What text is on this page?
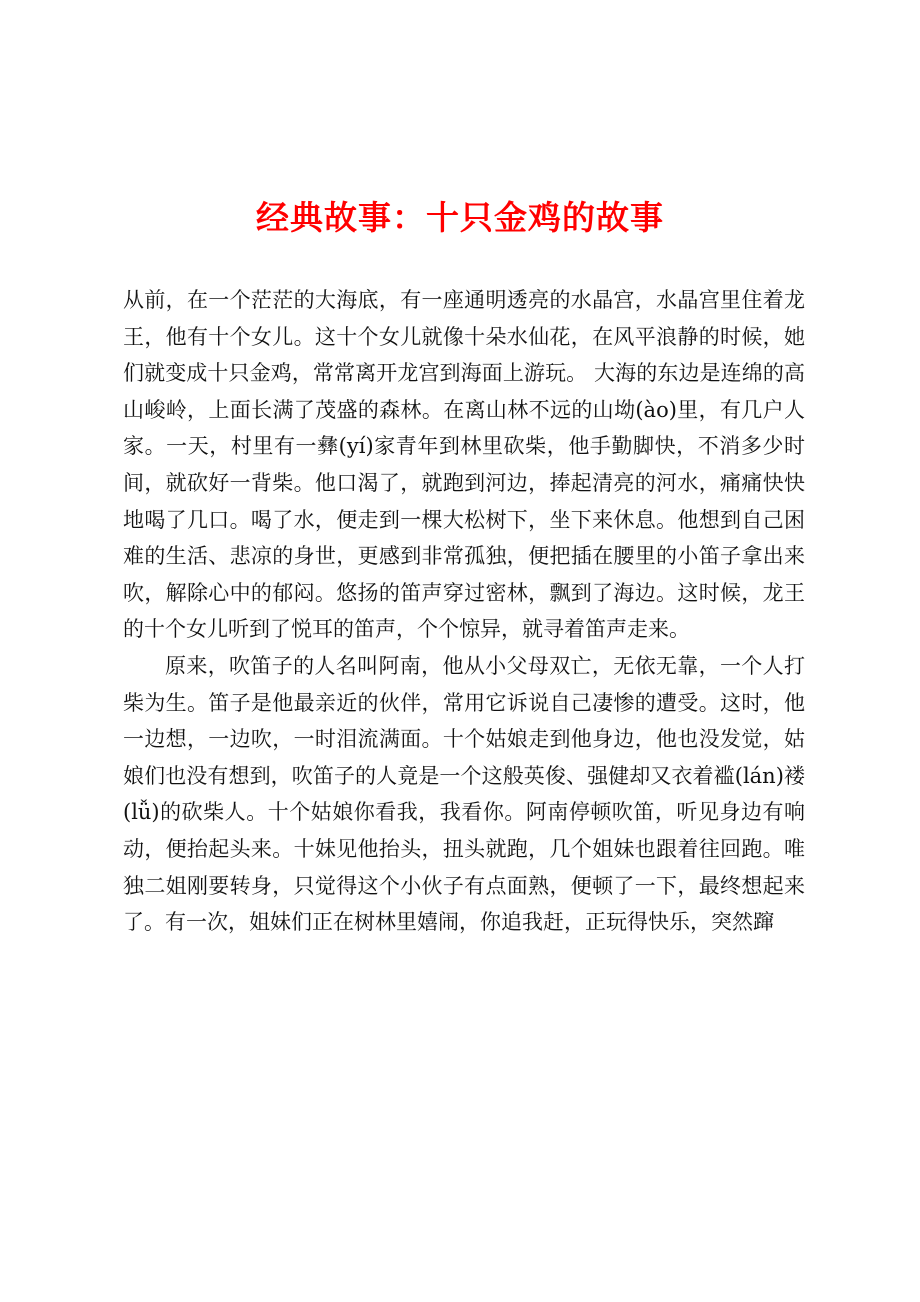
经典故事：十只金鸡的故事

从前，在一个茫茫的大海底，有一座通明透亮的水晶宫，水晶宫里住着龙王，他有十个女儿。这十个女儿就像十朵水仙花，在风平浪静的时候，她们就变成十只金鸡，常常离开龙宫到海面上游玩。 大海的东边是连绵的高山峻岭，上面长满了茂盛的森林。在离山林不远的山坳(ào)里，有几户人家。一天，村里有一彝(yí)家青年到林里砍柴，他手勤脚快，不消多少时间，就砍好一背柴。他口渴了，就跑到河边，捧起清亮的河水，痛痛快快地喝了几口。喝了水，便走到一棵大松树下，坐下来休息。他想到自己困难的生活、悲凉的身世，更感到非常孤独，便把插在腰里的小笛子拿出来吹，解除心中的郁闷。悠扬的笛声穿过密林，飘到了海边。这时候，龙王的十个女儿听到了悦耳的笛声，个个惊异，就寻着笛声走来。

原来，吹笛子的人名叫阿南，他从小父母双亡，无依无靠，一个人打柴为生。笛子是他最亲近的伙伴，常用它诉说自己凄惨的遭受。这时，他一边想，一边吹，一时泪流满面。十个姑娘走到他身边，他也没发觉，姑娘们也没有想到，吹笛子的人竟是一个这般英俊、强健却又衣着褴(lán)褛(lǚ)的砍柴人。十个姑娘你看我，我看你。阿南停顿吹笛，听见身边有响动，便抬起头来。十妹见他抬头，扭头就跑，几个姐妹也跟着往回跑。唯独二姐刚要转身，只觉得这个小伙子有点面熟，便顿了一下，最终想起来了。有一次，姐妹们正在树林里嬉闹，你追我赶，正玩得快乐，突然蹿
